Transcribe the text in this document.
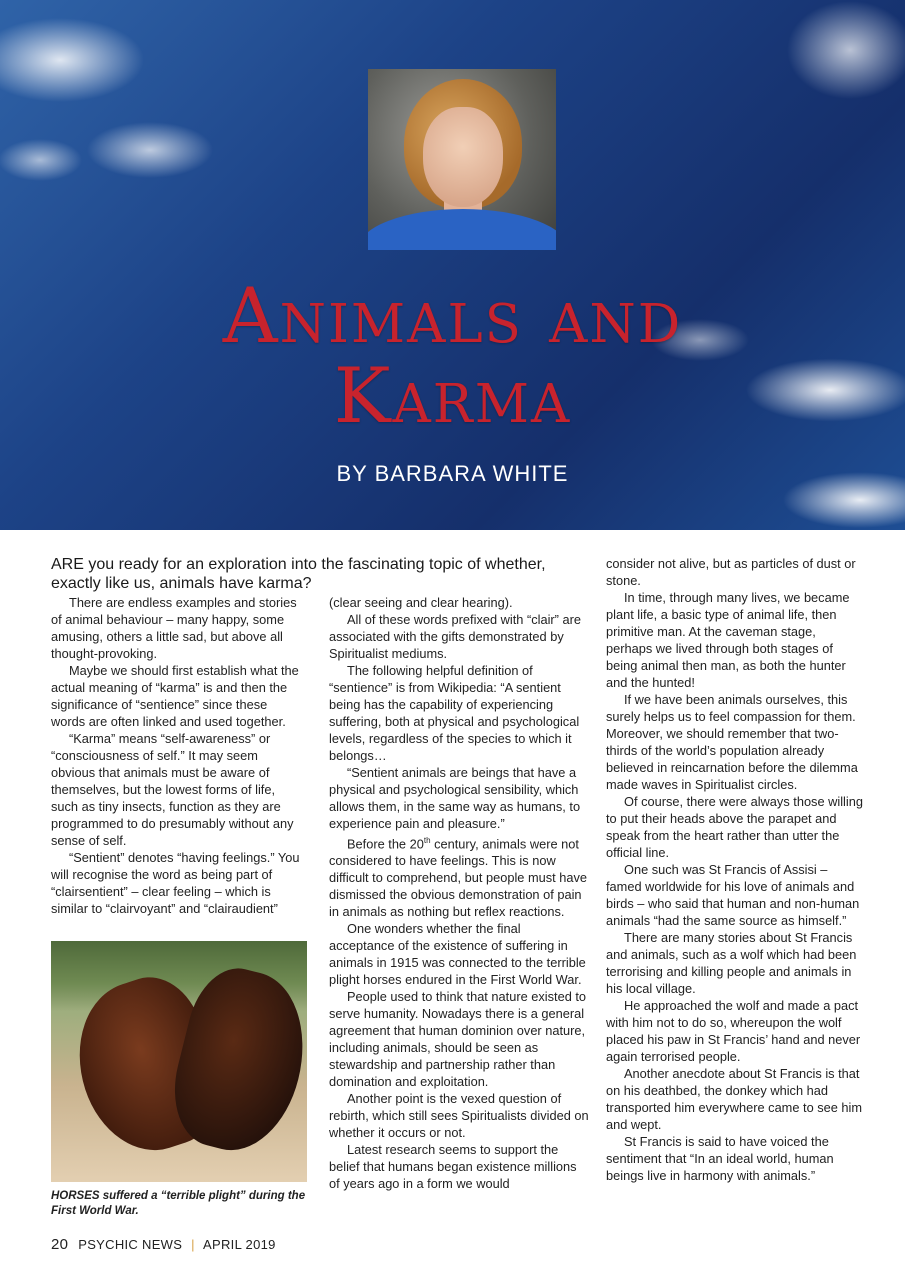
Animals and
Karma
BY BARBARA WHITE
ARE you ready for an exploration into the fascinating topic of whether, exactly like us, animals have karma?

There are endless examples and stories of animal behaviour – many happy, some amusing, others a little sad, but above all thought-provoking.

Maybe we should first establish what the actual meaning of “karma” is and then the significance of “sentience” since these words are often linked and used together.

“Karma” means “self-awareness” or “consciousness of self.” It may seem obvious that animals must be aware of themselves, but the lowest forms of life, such as tiny insects, function as they are programmed to do presumably without any sense of self.

“Sentient” denotes “having feelings.” You will recognise the word as being part of “clairsentient” – clear feeling – which is similar to “clairvoyant” and “clairaudient”

(clear seeing and clear hearing).

All of these words prefixed with “clair” are associated with the gifts demonstrated by Spiritualist mediums.

The following helpful definition of “sentience” is from Wikipedia: “A sentient being has the capability of experiencing suffering, both at physical and psychological levels, regardless of the species to which it belongs…

“Sentient animals are beings that have a physical and psychological sensibility, which allows them, in the same way as humans, to experience pain and pleasure.”

Before the 20th century, animals were not considered to have feelings. This is now difficult to comprehend, but people must have dismissed the obvious demonstration of pain in animals as nothing but reflex reactions.

One wonders whether the final acceptance of the existence of suffering in animals in 1915 was connected to the terrible plight horses endured in the First World War.

People used to think that nature existed to serve humanity. Nowadays there is a general agreement that human dominion over nature, including animals, should be seen as stewardship and partnership rather than domination and exploitation.

Another point is the vexed question of rebirth, which still sees Spiritualists divided on whether it occurs or not.

Latest research seems to support the belief that humans began existence millions of years ago in a form we would

consider not alive, but as particles of dust or stone.

In time, through many lives, we became plant life, a basic type of animal life, then primitive man. At the caveman stage, perhaps we lived through both stages of being animal then man, as both the hunter and the hunted!

If we have been animals ourselves, this surely helps us to feel compassion for them. Moreover, we should remember that two-thirds of the world’s population already believed in reincarnation before the dilemma made waves in Spiritualist circles.

Of course, there were always those willing to put their heads above the parapet and speak from the heart rather than utter the official line.

One such was St Francis of Assisi – famed worldwide for his love of animals and birds – who said that human and non-human animals “had the same source as himself.”

There are many stories about St Francis and animals, such as a wolf which had been terrorising and killing people and animals in his local village.

He approached the wolf and made a pact with him not to do so, whereupon the wolf placed his paw in St Francis’ hand and never again terrorised people.

Another anecdote about St Francis is that on his deathbed, the donkey which had transported him everywhere came to see him and wept.

St Francis is said to have voiced the sentiment that “In an ideal world, human beings live in harmony with animals.”

HORSES suffered a “terrible plight” during the First World War.
20 PSYCHIC NEWS | APRIL 2019
